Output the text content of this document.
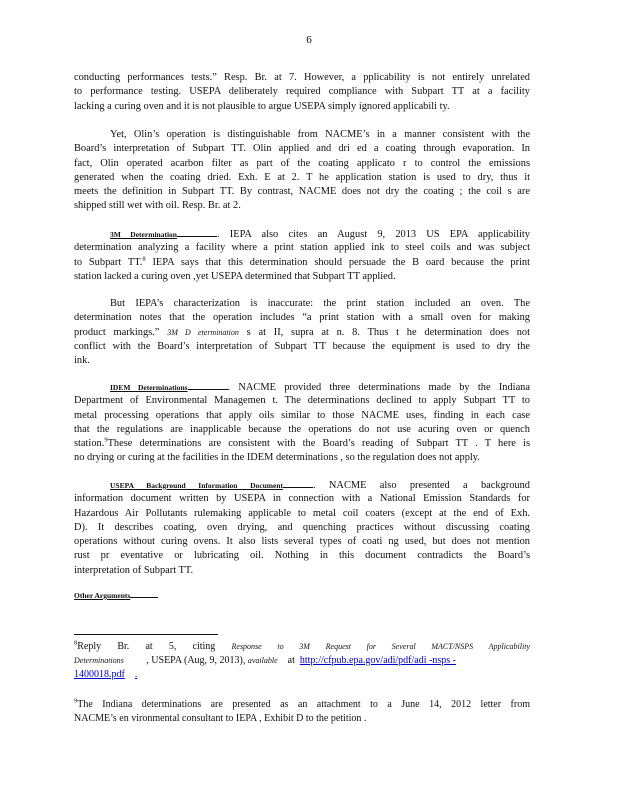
6
conducting performances tests.” Resp. Br. at 7. However, a pplicability is not entirely unrelated
to performance testing. USEPA deliberately required compliance with Subpart TT at a facility
lacking a curing oven and it is not plausible to argue USEPA simply ignored applicabili ty.
Yet, Olin’s operation is distinguishable from NACME’s in a manner consistent with the
Board’s interpretation of Subpart TT. Olin applied and dri ed a coating through evaporation. In
fact, Olin operated acarbon filter as part of the coating applicato r to control the emissions
generated when the coating dried. Exh. E at 2. T he application station is used to dry, thus it
meets the definition in Subpart TT. By contrast, NACME does not dry the coating ; the coil s are
shipped still wet with oil. Resp. Br. at 2.
3M Determination	. IEPA also cites an August 9, 2013 US EPA applicability
determination analyzing a facility where a print station applied ink to steel coils and was subject
to Subpart TT.$^8$ IEPA says that this determination should persuade the B oard because the print
station lacked a curing oven ,yet USEPA determined that Subpart TT applied.
But IEPA’s characterization is inaccurate: the print station included an oven. The
determination notes that the operation includes “a print station with a small oven for making
product markings.” 3M D etermination s at II, supra at n. 8. Thus t he determination does not
conflict with the Board’s interpretation of Subpart TT because the equipment is used to dry the
ink.
IDEM Determinations	. NACME provided three determinations made by the Indiana
Department of Environmental Managemen t. The determinations declined to apply Subpart TT to
metal processing operations that apply oils similar to those NACME uses, finding in each case
that the regulations are inapplicable because the operations do not use acuring oven or quench
station.$^9$These determinations are consistent with the Board’s reading of Subpart TT . T here is
no drying or curing at the facilities in the IDEM determinations , so the regulation does not apply.
USEPA Background Information Document	. NACME also presented a background
information document written by USEPA in connection with a National Emission Standards for
Hazardous Air Pollutants rulemaking applicable to metal coil coaters (except at the end of Exh.
D). It describes coating, oven drying, and quenching practices without discussing coating
operations without curing ovens. It also lists several types of coati ng used, but does not mention
rust pr eventative or lubricating oil. Nothing in this document contradicts the Board’s
interpretation of Subpart TT.
Other Arguments
$^8$Reply Br. at 5, citing Response to 3M Request for Several MACT/NSPS Applicability
Determinations , USEPA (Aug, 9, 2013), available at http://cfpub.epa.gov/adi/pdf/adi -nsps -
1400018.pdf .
$^9$The Indiana determinations are presented as an attachment to a June 14, 2012 letter from
NACME’s en vironmental consultant to IEPA , Exhibit D to the petition .
